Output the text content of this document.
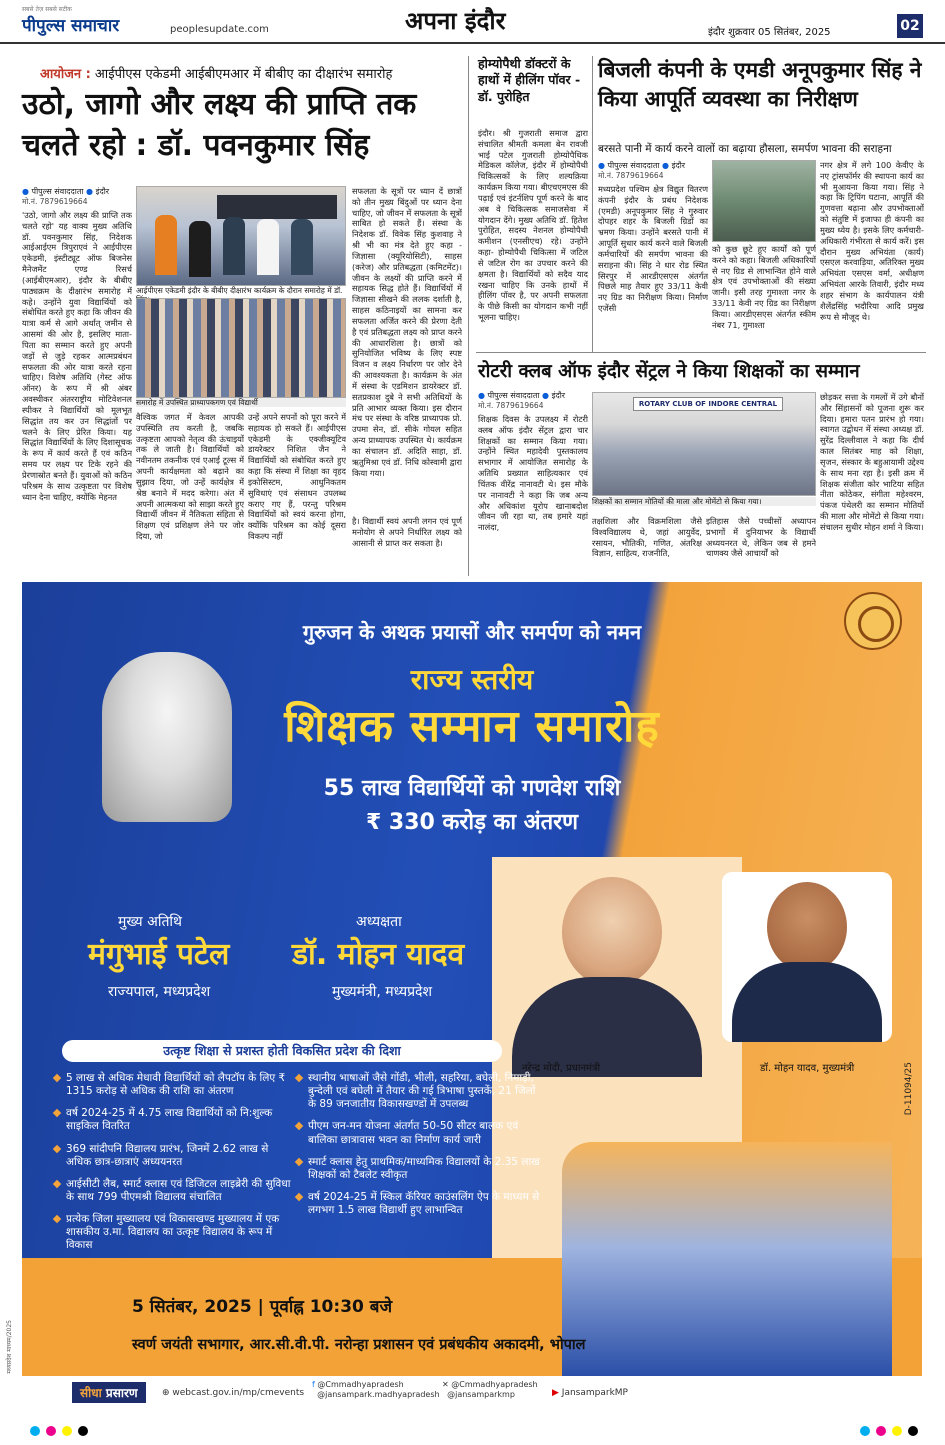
सबसे तेज़ सबसे सटीक
पीपुल्स समाचार	peoplesupdate.com	अपना इंदौर	इंदौर शुक्रवार 05 सितंबर, 2025	02
आयोजन : आईपीएस एकेडमी आईबीएमआर में बीबीए का दीक्षारंभ समारोह
उठो, जागो और लक्ष्य की प्राप्ति तक चलते रहो : डॉ. पवनकुमार सिंह
● पीपुल्स संवाददाता ● इंदौर
मो.नं. 7879619664
'उठो, जागो और लक्ष्य की प्राप्ति तक चलते रहो' यह वाक्य मुख्य अतिथि डॉ. पवनकुमार सिंह, निदेशक आईआईएम त्रिपुराएवं ने आईपीएस एकेडमी, इंस्टीट्यूट ऑफ बिजनेस मैनेजमेंट एण्ड रिसर्च (आईबीएमआर), इंदौर के बीबीए पाठ्यक्रम के दीक्षारंभ समारोह में कहे। उन्होंने युवा विद्यार्थियों को संबोधित करते हुए कहा कि जीवन की यात्रा कर्म से आगे अर्थात् जमीन से आसमां की ओर है, इसलिए माता-पिता का सम्मान करते हुए अपनी जड़ों से जुड़े रहकर आत्मप्रबंधन सफलता की ओर यात्रा करते रहना चाहिए। विशेष अतिथि (गेस्ट ऑफ ऑनर) के रूप में श्री अंबर अवस्थीकर अंतरराष्ट्रीय मोटिवेशनल स्पीकर ने विद्यार्थियों को मूलभूत सिद्धांत तय कर उन सिद्धांतों पर चलने के लिए प्रेरित किया। यह सिद्धांत विद्यार्थियों के लिए दिशासूचक के रूप में कार्य करते हैं एवं कठिन समय पर लक्ष्य पर टिके रहने की प्रेरणास्रोत बनते हैं। युवाओं को कठिन परिश्रम के साथ उत्कृष्टता पर विशेष ध्यान देना चाहिए, क्योंकि मेहनत
आईपीएस एकेडमी इंदौर के बीबीए दीक्षारंभ कार्यक्रम के दौरान समारोह में डॉ.
समारोह में उपस्थित प्राध्यापकगण एवं विद्यार्थी
वैश्विक जगत में केवल आपकी उपस्थिति तय करती है, जबकि उत्कृष्टता आपको नेतृत्व की ऊंचाइयों तक ले जाती है। विद्यार्थियों को नवीनतम तकनीक एवं एआई टूल्स में अपनी कार्यक्षमता को बढ़ाने का सुझाव दिया, जो उन्हें कार्यक्षेत्र में श्रेष्ठ बनाने में मदद करेगा। अंत में अपनी आत्मकथा को साझा करते हुए विद्यार्थी जीवन में नैतिकता संहिता से शिक्षण एवं प्रशिक्षण लेने पर जोर दिया, जो
उन्हें अपने सपनों को पूरा करने में सहायक हो सकते हैं। आईपीएस एकेडमी के एक्जीक्यूटिव डायरेक्टर निशित जैन ने विद्यार्थियों को संबोधित करते हुए कहा कि संस्था में शिक्षा का वृहद इकोसिस्टम, आधुनिकतम सुविधाएं एवं संसाधन उपलब्ध कराए गए हैं, परन्तु परिश्रम विद्यार्थियों को स्वयं करना होगा, क्योंकि परिश्रम का कोई दूसरा विकल्प नहीं
सफलता के सूत्रों पर ध्यान दें छात्रों को तीन मुख्य बिंदुओं पर ध्यान देना चाहिए, जो जीवन में सफलता के सूत्रों साबित हो सकते हैं। संस्था के निदेशक डॉ. विवेक सिंह कुशवाह ने श्री भी का मंत्र देते हुए कहा - जिज्ञासा (क्यूरियोसिटी), साहस (करेज) और प्रतिबद्धता (कमिटमेंट)। जीवन के लक्ष्यों की प्राप्ति करने में सहायक सिद्ध होते हैं। विद्यार्थियों में जिज्ञासा सीखने की ललक दर्शाती है, साहस कठिनाइयों का सामना कर सफलता अर्जित करने की प्रेरणा देती है एवं प्रतिबद्धता लक्ष्य को प्राप्त करने की आधारशिला है। छात्रों को सुनियोजित भविष्य के लिए स्पष्ट विजन व लक्ष्य निर्धारण पर जोर देने की आवश्यकता है। कार्यक्रम के अंत में संस्था के एडमिशन डायरेक्टर डॉ. सतप्रकाश दुबे ने सभी अतिथियों के प्रति आभार व्यक्त किया। इस दौरान मंच पर संस्था के वरिष्ठ प्राध्यापक प्रो. उपमा सेन, डॉ. सीके गोयल सहित अन्य प्राध्यापक उपस्थित थे। कार्यक्रम का संचालन डॉ. अदिति साहा, डॉ. ऋतुमिश्रा एवं डॉ. निधि कोस्वामी द्वारा किया गया।
है। विद्यार्थी स्वयं अपनी लगन एवं पूर्ण मनोयोग से अपने निर्धारित लक्ष्य को आसानी से प्राप्त कर सकता है।
होम्योपैथी डॉक्टरों के हाथों में हीलिंग पॉवर - डॉ. पुरोहित
इंदौर। श्री गुजराती समाज द्वारा संचालित श्रीमती कमला बेन रावजी भाई पटेल गुजराती होम्योपैथिक मेडिकल कॉलेज, इंदौर में होम्योपैथी चिकित्सकों के लिए शल्यक्रिया कार्यक्रम किया गया। बीएचएमएस की पढ़ाई एवं इंटर्नशिप पूर्ण करने के बाद अब वे चिकित्सक समाजसेवा में योगदान देंगे। मुख्य अतिथि डॉ. हितेश पुरोहित, सदस्य नेशनल होम्योपैथी कमीशन (एनसीएच) रहे। उन्होंने कहा- होम्योपैथी चिकित्सा में जटिल से जटिल रोग का उपचार करने की क्षमता है। विद्यार्थियों को सदैव याद रखना चाहिए कि उनके हाथों में हीलिंग पॉवर है, पर अपनी सफलता के पीछे किसी का योगदान कभी नहीं भूलना चाहिए।
बिजली कंपनी के एमडी अनूपकुमार सिंह ने किया आपूर्ति व्यवस्था का निरीक्षण
बरसते पानी में कार्य करने वालों का बढ़ाया हौसला, समर्पण भावना की सराहना
● पीपुल्स संवाददाता ● इंदौर
मो.नं. 7879619664
मध्यप्रदेश पश्चिम क्षेत्र विद्युत वितरण कंपनी इंदौर के प्रबंध निदेशक (एमडी) अनूपकुमार सिंह ने गुरुवार दोपहर शहर के बिजली ग्रिडों का भ्रमण किया। उन्होंने बरसते पानी में आपूर्ति सुधार कार्य करने वाले बिजली कर्मचारियों की समर्पण भावना की सराहना की। सिंह ने धार रोड स्थित सिरपुर में आरडीएसएस अंतर्गत पिछले माह तैयार हुए 33/11 केवी नए ग्रिड का निरीक्षण किया। निर्माण एजेंसी
को कुछ छूटे हुए कार्यों को पूर्ण करने को कहा। बिजली अधिकारियों से नए ग्रिड से लाभान्वित होने वाले क्षेत्र एवं उपभोक्ताओं की संख्या जानी। इसी तरह गुमाश्ता नगर के 33/11 केवी नए ग्रिड का निरीक्षण किया। आरडीएसएस अंतर्गत स्कीम नंबर 71, गुमाश्ता
नगर क्षेत्र में लगे 100 केवीए के नए ट्रांसफॉर्मर की स्थापना कार्य का भी मुआयना किया गया। सिंह ने कहा कि ट्रिपिंग घटाना, आपूर्ति की गुणवत्ता बढ़ाना और उपभोक्ताओं को संतुष्टि में इजाफा ही कंपनी का मुख्य ध्येय है। इसके लिए कर्मचारी-अधिकारी गंभीरता से कार्य करें। इस दौरान मुख्य अभियंता (कार्य) एसएल करवाड़िया, अतिरिक्त मुख्य अभियंता एसएस वर्मा, अधीक्षण अभियंता आरके तिवारी, इंदौर मध्य शहर संभाग के कार्यपालन यंत्री शैलेंद्रसिंह भदौरिया आदि प्रमुख रूप से मौजूद थे।
रोटरी क्लब ऑफ इंदौर सेंट्रल ने किया शिक्षकों का सम्मान
● पीपुल्स संवाददाता ● इंदौर
मो.नं. 7879619664
शिक्षक दिवस के उपलक्ष्य में रोटरी क्लब ऑफ इंदौर सेंट्रल द्वारा चार शिक्षकों का सम्मान किया गया। उन्होंने स्थित महादेवी पुस्तकालय सभागार में आयोजित समारोह के अतिथि प्रख्यात साहित्यकार एवं चिंतक वीरेंद्र नानावटी थे। इस मौके पर नानावटी ने कहा कि जब अन्य और अधिकांश यूरोप खानाबदोश जीवन जी रहा था, तब हमारे यहां नालंदा,
ROTARY CLUB OF INDORE CENTRAL
शिक्षकों का सम्मान मोतियों की माला और मोमेंटो से किया गया।
तक्षशिला और विक्रमशिला जैसे विश्वविद्यालय थे, जहां आयुर्वेद, रसायन, भौतिकी, गणित, अंतरिक्ष विज्ञान, साहित्य, राजनीति,
इतिहास जैसे पच्चीसों अध्यापन प्रभागों में दुनियाभर के विद्यार्थी अध्ययनरत थे, लेकिन जब से हमने चाणक्य जैसे आचार्यों को
छोड़कर सत्ता के गमलों में उगे बौनों और सिंहासनों को पूजना शुरू कर दिया। हमारा पतन प्रारंभ हो गया। स्वागत उद्बोधन में संस्था अध्यक्ष डॉ. सुरेंद्र दिल्लीवाल ने कहा कि दीर्घ काल सितंबर माह को शिक्षा, सृजन, संस्कार के बहुआयामी उद्देश्य के साथ मना रहा है। इसी क्रम में शिक्षक संजीता कोर भाटिया सहित नीता कोठेकर, संगीता महेश्वरम, पंकज पंथेलरी का सम्मान मोतियों की माला और मोमेंटो से किया गया। संचालन सुधीर मोहन शर्मा ने किया।
गुरुजन के अथक प्रयासों और समर्पण को नमन
राज्य स्तरीय
शिक्षक सम्मान समारोह
55 लाख विद्यार्थियों को गणवेश राशि
₹ 330 करोड़ का अंतरण
मुख्य अतिथि
मंगुभाई पटेल
राज्यपाल, मध्यप्रदेश
अध्यक्षता
डॉ. मोहन यादव
मुख्यमंत्री, मध्यप्रदेश
नरेन्द्र मोदी, प्रधानमंत्री	डॉ. मोहन यादव, मुख्यमंत्री
उत्कृष्ट शिक्षा से प्रशस्त होती विकसित प्रदेश की दिशा
5 लाख से अधिक मेधावी विद्यार्थियों को लैपटॉप के लिए ₹ 1315 करोड़ से अधिक की राशि का अंतरण
वर्ष 2024-25 में 4.75 लाख विद्यार्थियों को नि:शुल्क साइकिल वितरित
369 सांदीपनि विद्यालय प्रारंभ, जिनमें 2.62 लाख से अधिक छात्र-छात्राएं अध्ययनरत
आईसीटी लैब, स्मार्ट क्लास एवं डिजिटल लाइब्रेरी की सुविधा के साथ 799 पीएमश्री विद्यालय संचालित
प्रत्येक जिला मुख्यालय एवं विकासखण्ड मुख्यालय में एक शासकीय उ.मा. विद्यालय का उत्कृष्ट विद्यालय के रूप में विकास
स्थानीय भाषाओं जैसे गोंडी, भीली, सहरिया, बघेली, निमाड़ी, बुन्देली एवं बघेली में तैयार की गई त्रिभाषा पुस्तकें, 21 जिलों के 89 जनजातीय विकासखण्डों में उपलब्ध
पीएम जन-मन योजना अंतर्गत 50-50 सीटर बालक एवं बालिका छात्रावास भवन का निर्माण कार्य जारी
स्मार्ट क्लास हेतु प्राथमिक/माध्यमिक विद्यालयों के 2.35 लाख शिक्षकों को टैबलेट स्वीकृत
वर्ष 2024-25 में स्किल कॅरियर काउंसलिंग ऐप के माध्यम से लगभग 1.5 लाख विद्यार्थी हुए लाभान्वित
5 सितंबर, 2025 | पूर्वाह्न 10:30 बजे
स्वर्ण जयंती सभागार, आर.सी.वी.पी. नरोन्हा प्रशासन एवं प्रबंधकीय अकादमी, भोपाल
सीधा प्रसारण	⊕ webcast.gov.in/mp/cmevents
f @Cmmadhyapradesh
@jansampark.madhyapradesh
✕ @Cmmadhyapradesh
@jansamparkmp	▶ JansamparkMP
D-11094/25
मध्यप्रदेश माध्यम/2025
